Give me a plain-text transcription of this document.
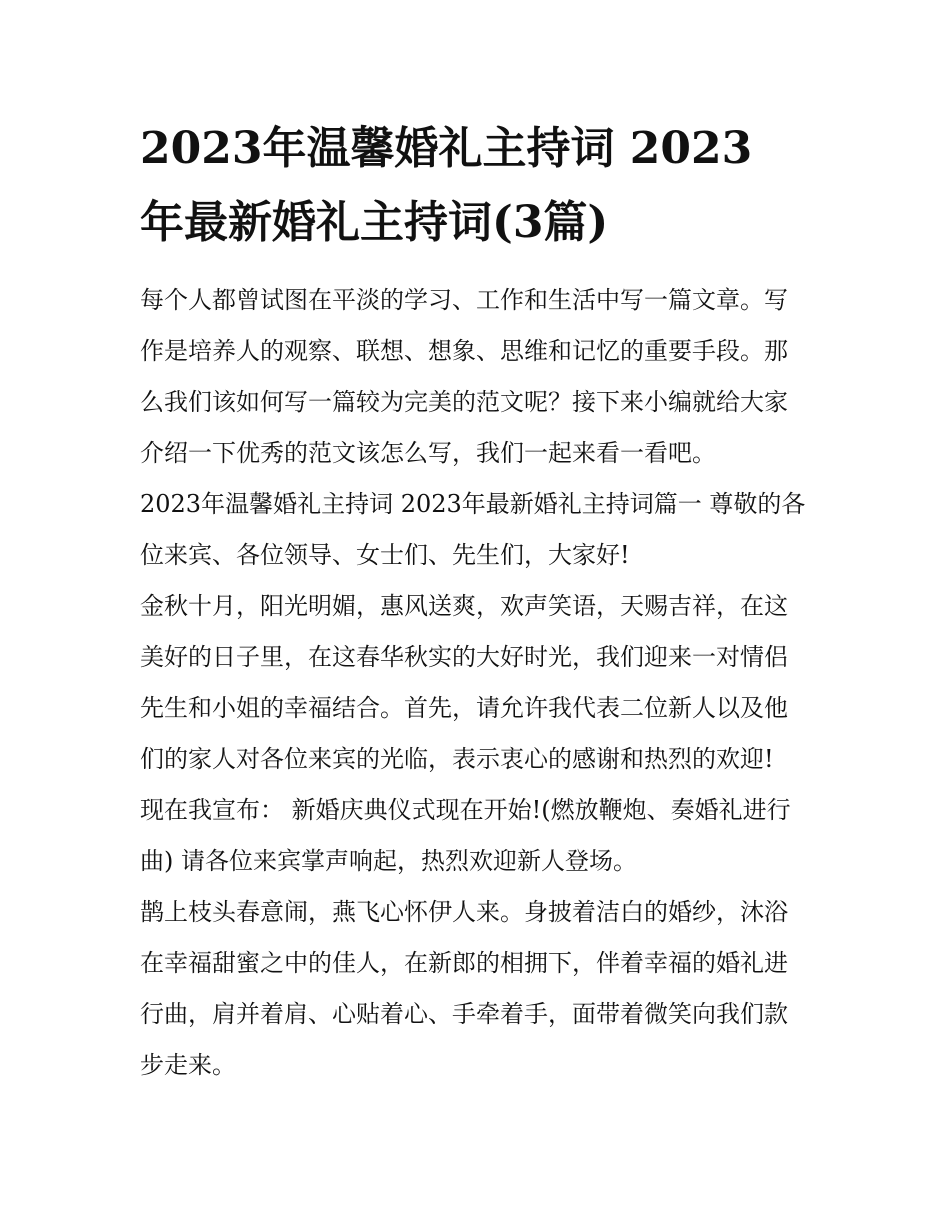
2023年温馨婚礼主持词 2023
年最新婚礼主持词(3篇)
每个人都曾试图在平淡的学习、工作和生活中写一篇文章。写
作是培养人的观察、联想、想象、思维和记忆的重要手段。那
么我们该如何写一篇较为完美的范文呢？接下来小编就给大家
介绍一下优秀的范文该怎么写，我们一起来看一看吧。
2023年温馨婚礼主持词 2023年最新婚礼主持词篇一 尊敬的各
位来宾、各位领导、女士们、先生们，大家好!
金秋十月，阳光明媚，惠风送爽，欢声笑语，天赐吉祥，在这
美好的日子里，在这春华秋实的大好时光，我们迎来一对情侣
先生和小姐的幸福结合。首先，请允许我代表二位新人以及他
们的家人对各位来宾的光临，表示衷心的感谢和热烈的欢迎!
现在我宣布： 新婚庆典仪式现在开始!(燃放鞭炮、奏婚礼进行
曲) 请各位来宾掌声响起，热烈欢迎新人登场。
鹊上枝头春意闹，燕飞心怀伊人来。身披着洁白的婚纱，沐浴
在幸福甜蜜之中的佳人，在新郎的相拥下，伴着幸福的婚礼进
行曲，肩并着肩、心贴着心、手牵着手，面带着微笑向我们款
步走来。
